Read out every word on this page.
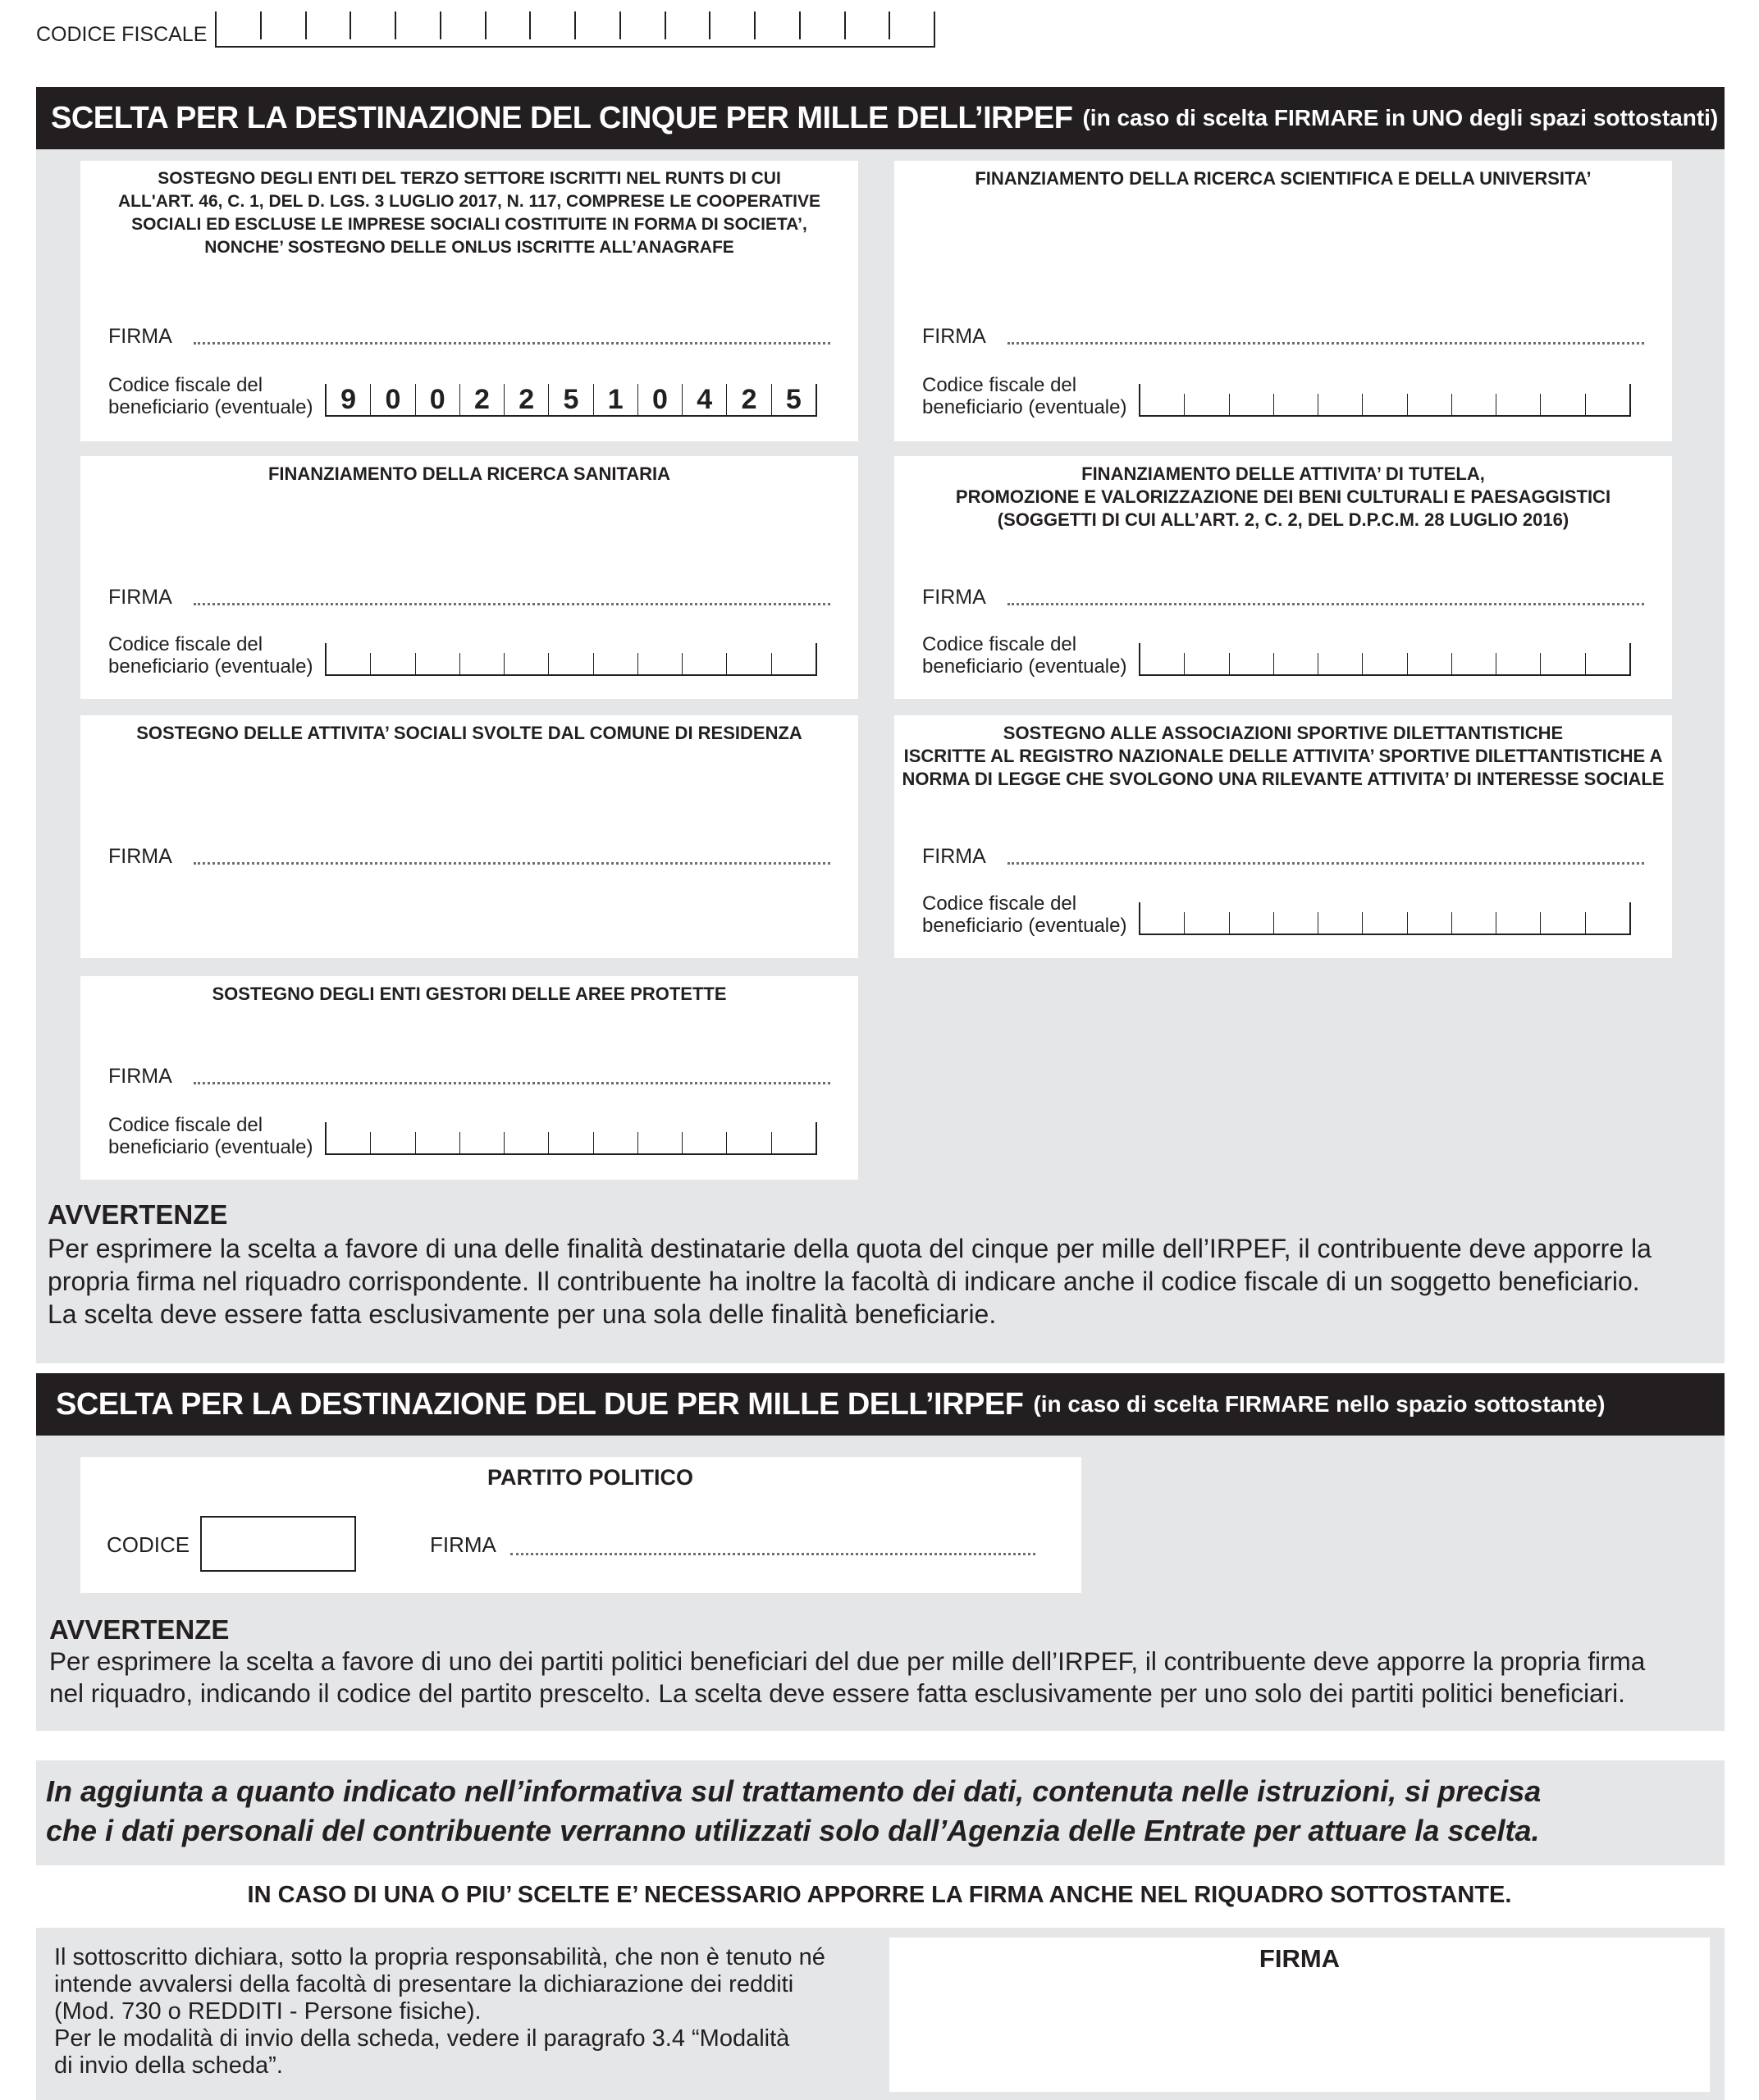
CODICE FISCALE
SCELTA PER LA DESTINAZIONE DEL CINQUE PER MILLE DELL’IRPEF (in caso di scelta FIRMARE in UNO degli spazi sottostanti)
SOSTEGNO DEGLI ENTI DEL TERZO SETTORE ISCRITTI NEL RUNTS DI CUI
ALL'ART. 46, C. 1, DEL D. LGS. 3 LUGLIO 2017, N. 117, COMPRESE LE COOPERATIVE
SOCIALI ED ESCLUSE LE IMPRESE SOCIALI COSTITUITE IN FORMA DI SOCIETA’,
NONCHE’ SOSTEGNO DELLE ONLUS ISCRITTE ALL’ANAGRAFE
FIRMA
Codice fiscale del
beneficiario (eventuale) 9	0	0	2	2	5	1	0	4	2	5
FINANZIAMENTO DELLA RICERCA SCIENTIFICA E DELLA UNIVERSITA’
FIRMA
Codice fiscale del
beneficiario (eventuale)
FINANZIAMENTO DELLA RICERCA SANITARIA
FIRMA
Codice fiscale del
beneficiario (eventuale)
FINANZIAMENTO DELLE ATTIVITA’ DI TUTELA,
PROMOZIONE E VALORIZZAZIONE DEI BENI CULTURALI E PAESAGGISTICI
(SOGGETTI DI CUI ALL’ART. 2, C. 2, DEL D.P.C.M. 28 LUGLIO 2016)
FIRMA
Codice fiscale del
beneficiario (eventuale)
SOSTEGNO DELLE ATTIVITA’ SOCIALI SVOLTE DAL COMUNE DI RESIDENZA
FIRMA
SOSTEGNO ALLE ASSOCIAZIONI SPORTIVE DILETTANTISTICHE
ISCRITTE AL REGISTRO NAZIONALE DELLE ATTIVITA’ SPORTIVE DILETTANTISTICHE A
NORMA DI LEGGE CHE SVOLGONO UNA RILEVANTE ATTIVITA’ DI INTERESSE SOCIALE
FIRMA
Codice fiscale del
beneficiario (eventuale)
SOSTEGNO DEGLI ENTI GESTORI DELLE AREE PROTETTE
FIRMA
Codice fiscale del
beneficiario (eventuale)
AVVERTENZE
Per esprimere la scelta a favore di una delle finalità destinatarie della quota del cinque per mille dell’IRPEF, il contribuente deve apporre la
propria firma nel riquadro corrispondente. Il contribuente ha inoltre la facoltà di indicare anche il codice fiscale di un soggetto beneficiario.
La scelta deve essere fatta esclusivamente per una sola delle finalità beneficiarie.
SCELTA PER LA DESTINAZIONE DEL DUE PER MILLE DELL’IRPEF (in caso di scelta FIRMARE nello spazio sottostante)
PARTITO POLITICO
CODICE	FIRMA
AVVERTENZE
Per esprimere la scelta a favore di uno dei partiti politici beneficiari del due per mille dell’IRPEF, il contribuente deve apporre la propria firma
nel riquadro, indicando il codice del partito prescelto. La scelta deve essere fatta esclusivamente per uno solo dei partiti politici beneficiari.
In aggiunta a quanto indicato nell’informativa sul trattamento dei dati, contenuta nelle istruzioni, si precisa
che i dati personali del contribuente verranno utilizzati solo dall’Agenzia delle Entrate per attuare la scelta.
IN CASO DI UNA O PIU’ SCELTE E’ NECESSARIO APPORRE LA FIRMA ANCHE NEL RIQUADRO SOTTOSTANTE.
Il sottoscritto dichiara, sotto la propria responsabilità, che non è tenuto né
intende avvalersi della facoltà di presentare la dichiarazione dei redditi
(Mod. 730 o REDDITI - Persone fisiche).
Per le modalità di invio della scheda, vedere il paragrafo 3.4 “Modalità
di invio della scheda”.
FIRMA
